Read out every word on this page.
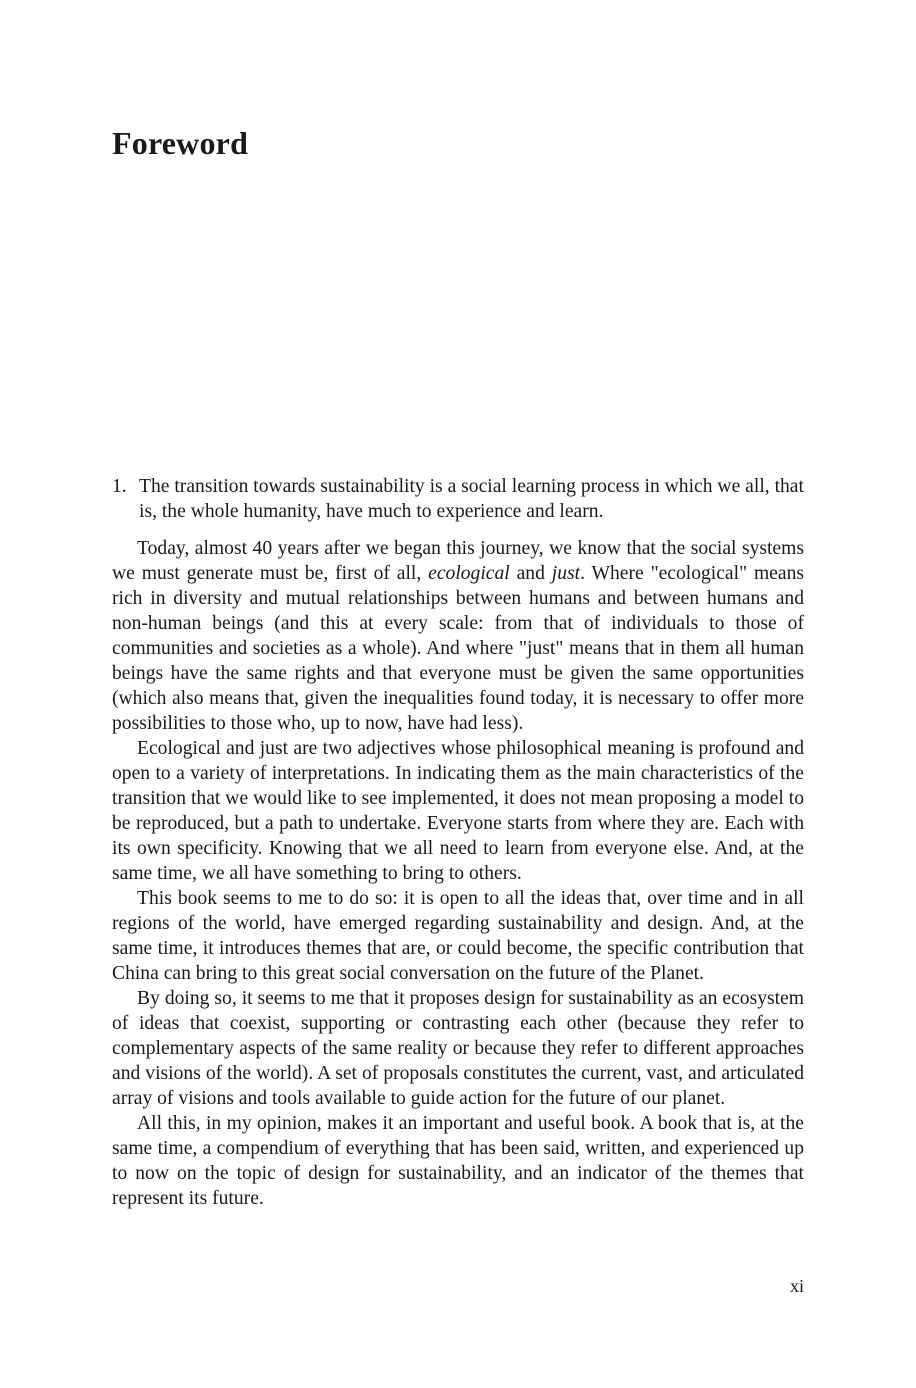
Foreword
1. The transition towards sustainability is a social learning process in which we all, that is, the whole humanity, have much to experience and learn.

Today, almost 40 years after we began this journey, we know that the social systems we must generate must be, first of all, ecological and just. Where "ecological" means rich in diversity and mutual relationships between humans and between humans and non-human beings (and this at every scale: from that of individuals to those of communities and societies as a whole). And where "just" means that in them all human beings have the same rights and that everyone must be given the same opportunities (which also means that, given the inequalities found today, it is necessary to offer more possibilities to those who, up to now, have had less).

Ecological and just are two adjectives whose philosophical meaning is profound and open to a variety of interpretations. In indicating them as the main characteristics of the transition that we would like to see implemented, it does not mean proposing a model to be reproduced, but a path to undertake. Everyone starts from where they are. Each with its own specificity. Knowing that we all need to learn from everyone else. And, at the same time, we all have something to bring to others.

This book seems to me to do so: it is open to all the ideas that, over time and in all regions of the world, have emerged regarding sustainability and design. And, at the same time, it introduces themes that are, or could become, the specific contribution that China can bring to this great social conversation on the future of the Planet.

By doing so, it seems to me that it proposes design for sustainability as an ecosystem of ideas that coexist, supporting or contrasting each other (because they refer to complementary aspects of the same reality or because they refer to different approaches and visions of the world). A set of proposals constitutes the current, vast, and articulated array of visions and tools available to guide action for the future of our planet.

All this, in my opinion, makes it an important and useful book. A book that is, at the same time, a compendium of everything that has been said, written, and experienced up to now on the topic of design for sustainability, and an indicator of the themes that represent its future.

xi
